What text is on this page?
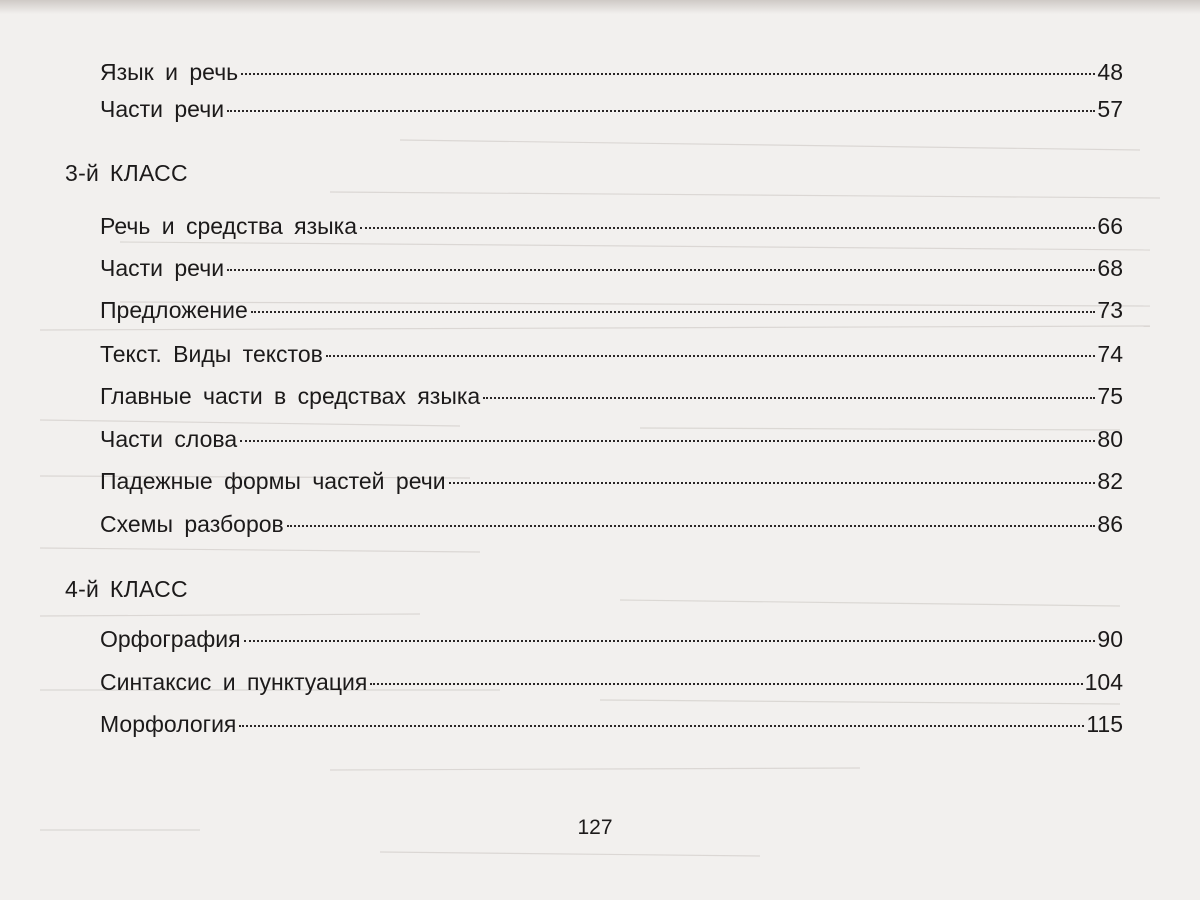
Язык и речь	48
Части речи	57
3-й КЛАСС
Речь и средства языка	66
Части речи	68
Предложение	73
Текст. Виды текстов	74
Главные части в средствах языка	75
Части слова	80
Падежные формы частей речи	82
Схемы разборов	86
4-й КЛАСС
Орфография	90
Синтаксис и пунктуация	104
Морфология	115
127
